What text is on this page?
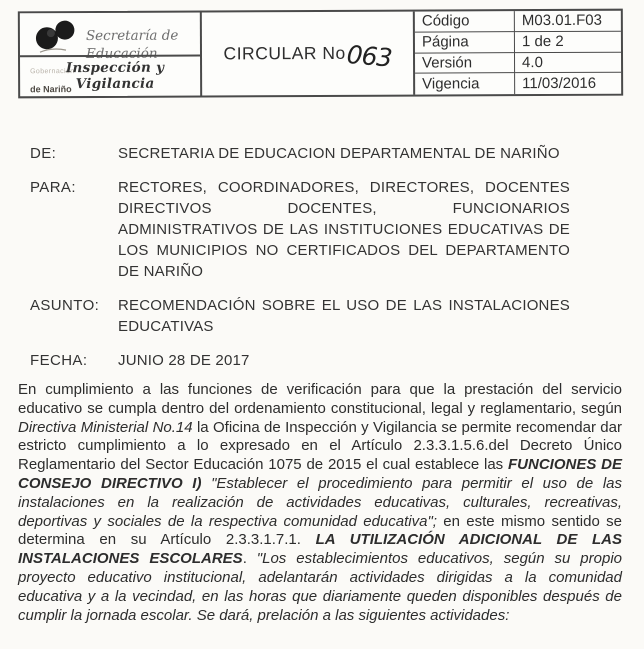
Gobernación
de Nariño
Secretaría de
Educación
Inspección y Vigilancia
CIRCULAR No 063
Código	M03.01.F03
Página	1 de 2
Versión	4.0
Vigencia	11/03/2016
DE:	SECRETARIA DE EDUCACION DEPARTAMENTAL DE NARIÑO
PARA:	RECTORES, COORDINADORES, DIRECTORES, DOCENTES DIRECTIVOS DOCENTES, FUNCIONARIOS ADMINISTRATIVOS DE LAS INSTITUCIONES EDUCATIVAS DE LOS MUNICIPIOS NO CERTIFICADOS DEL DEPARTAMENTO DE NARIÑO
ASUNTO:	RECOMENDACIÓN SOBRE EL USO DE LAS INSTALACIONES EDUCATIVAS
FECHA:	JUNIO 28 DE 2017
En cumplimiento a las funciones de verificación para que la prestación del servicio educativo se cumpla dentro del ordenamiento constitucional, legal y reglamentario, según Directiva Ministerial No.14 la Oficina de Inspección y Vigilancia se permite recomendar dar estricto cumplimiento a lo expresado en el Artículo 2.3.3.1.5.6.del Decreto Único Reglamentario del Sector Educación 1075 de 2015 el cual establece las FUNCIONES DE CONSEJO DIRECTIVO I) "Establecer el procedimiento para permitir el uso de las instalaciones en la realización de actividades educativas, culturales, recreativas, deportivas y sociales de la respectiva comunidad educativa"; en este mismo sentido se determina en su Artículo 2.3.3.1.7.1. LA UTILIZACIÓN ADICIONAL DE LAS INSTALACIONES ESCOLARES. "Los establecimientos educativos, según su propio proyecto educativo institucional, adelantarán actividades dirigidas a la comunidad educativa y a la vecindad, en las horas que diariamente queden disponibles después de cumplir la jornada escolar. Se dará, prelación a las siguientes actividades:
